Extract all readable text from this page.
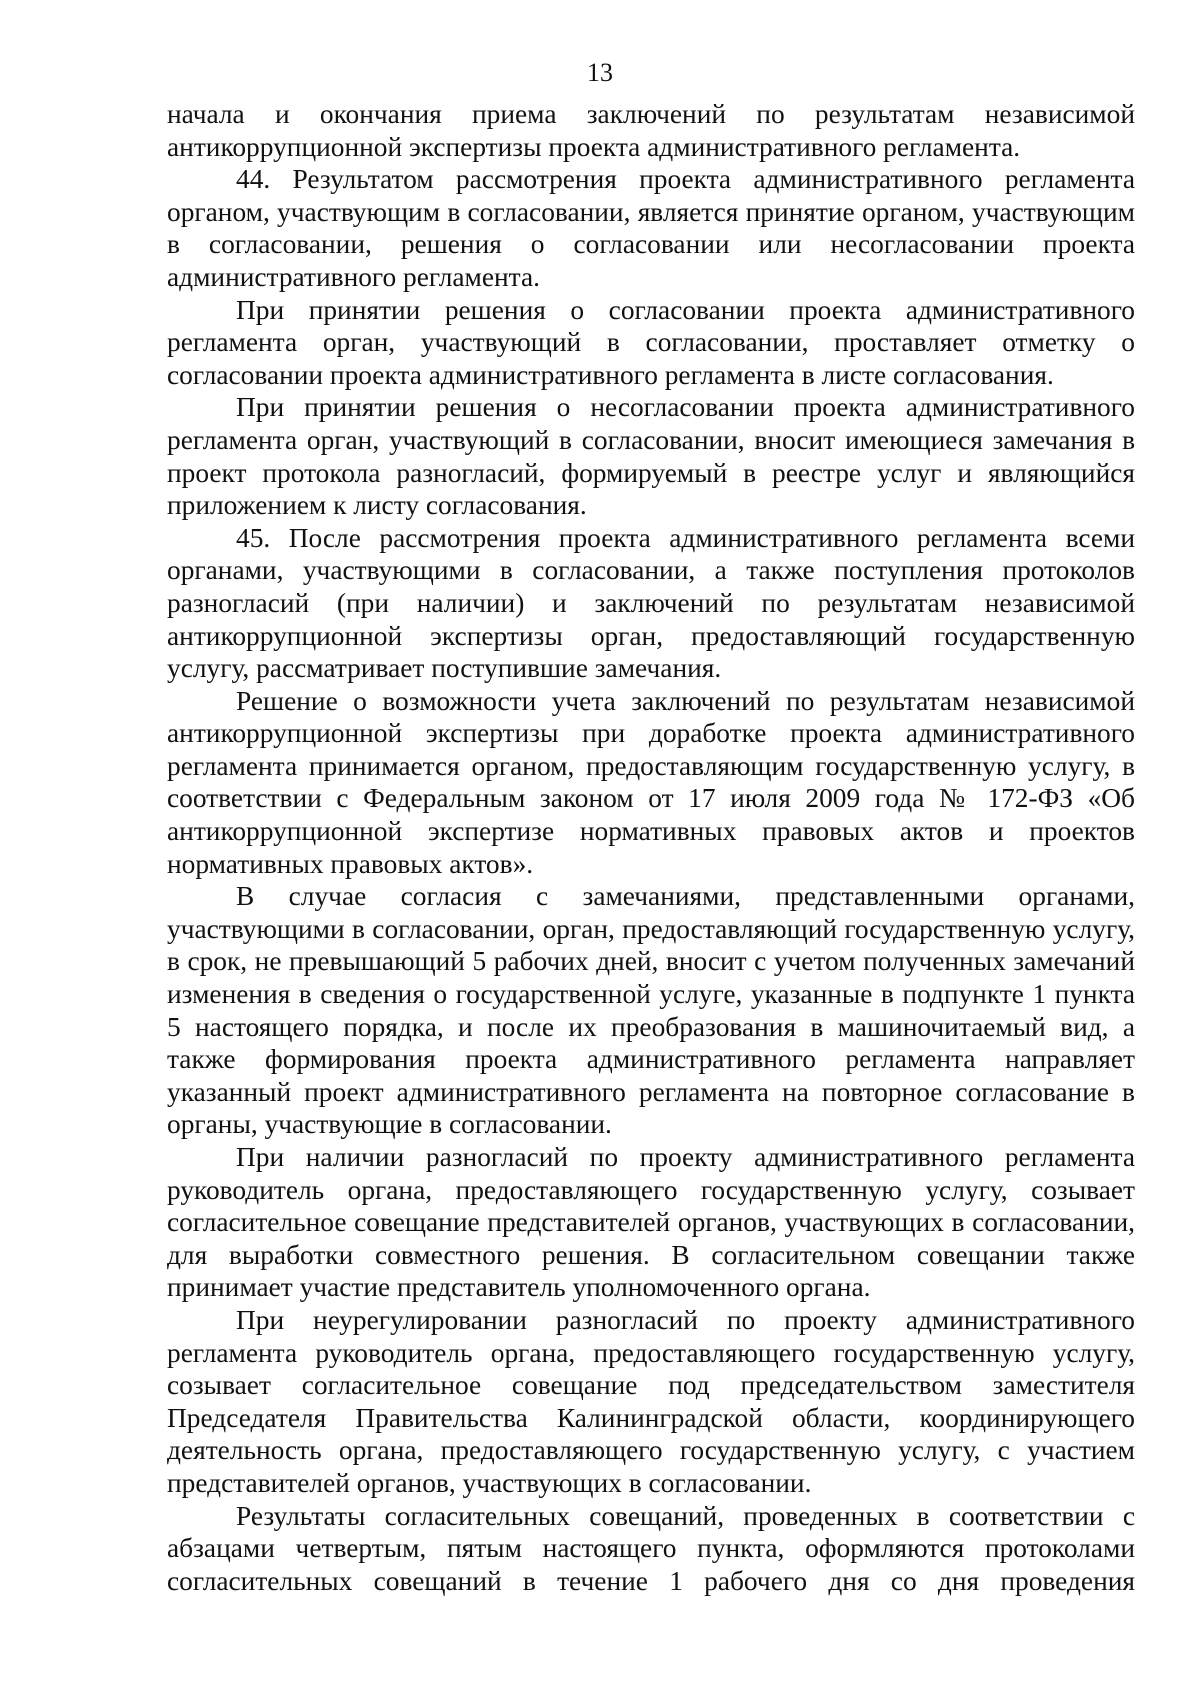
13

начала и окончания приема заключений по результатам независимой антикоррупционной экспертизы проекта административного регламента.

44. Результатом рассмотрения проекта административного регламента органом, участвующим в согласовании, является принятие органом, участвующим в согласовании, решения о согласовании или несогласовании проекта административного регламента.

При принятии решения о согласовании проекта административного регламента орган, участвующий в согласовании, проставляет отметку о согласовании проекта административного регламента в листе согласования.

При принятии решения о несогласовании проекта административного регламента орган, участвующий в согласовании, вносит имеющиеся замечания в проект протокола разногласий, формируемый в реестре услуг и являющийся приложением к листу согласования.

45. После рассмотрения проекта административного регламента всеми органами, участвующими в согласовании, а также поступления протоколов разногласий (при наличии) и заключений по результатам независимой антикоррупционной экспертизы орган, предоставляющий государственную услугу, рассматривает поступившие замечания.

Решение о возможности учета заключений по результатам независимой антикоррупционной экспертизы при доработке проекта административного регламента принимается органом, предоставляющим государственную услугу, в соответствии с Федеральным законом от 17 июля 2009 года № 172-ФЗ «Об антикоррупционной экспертизе нормативных правовых актов и проектов нормативных правовых актов».

В случае согласия с замечаниями, представленными органами, участвующими в согласовании, орган, предоставляющий государственную услугу, в срок, не превышающий 5 рабочих дней, вносит с учетом полученных замечаний изменения в сведения о государственной услуге, указанные в подпункте 1 пункта 5 настоящего порядка, и после их преобразования в машиночитаемый вид, а также формирования проекта административного регламента направляет указанный проект административного регламента на повторное согласование в органы, участвующие в согласовании.

При наличии разногласий по проекту административного регламента руководитель органа, предоставляющего государственную услугу, созывает согласительное совещание представителей органов, участвующих в согласовании, для выработки совместного решения. В согласительном совещании также принимает участие представитель уполномоченного органа.

При неурегулировании разногласий по проекту административного регламента руководитель органа, предоставляющего государственную услугу, созывает согласительное совещание под председательством заместителя Председателя Правительства Калининградской области, координирующего деятельность органа, предоставляющего государственную услугу, с участием представителей органов, участвующих в согласовании.

Результаты согласительных совещаний, проведенных в соответствии с абзацами четвертым, пятым настоящего пункта, оформляются протоколами согласительных совещаний в течение 1 рабочего дня со дня проведения
